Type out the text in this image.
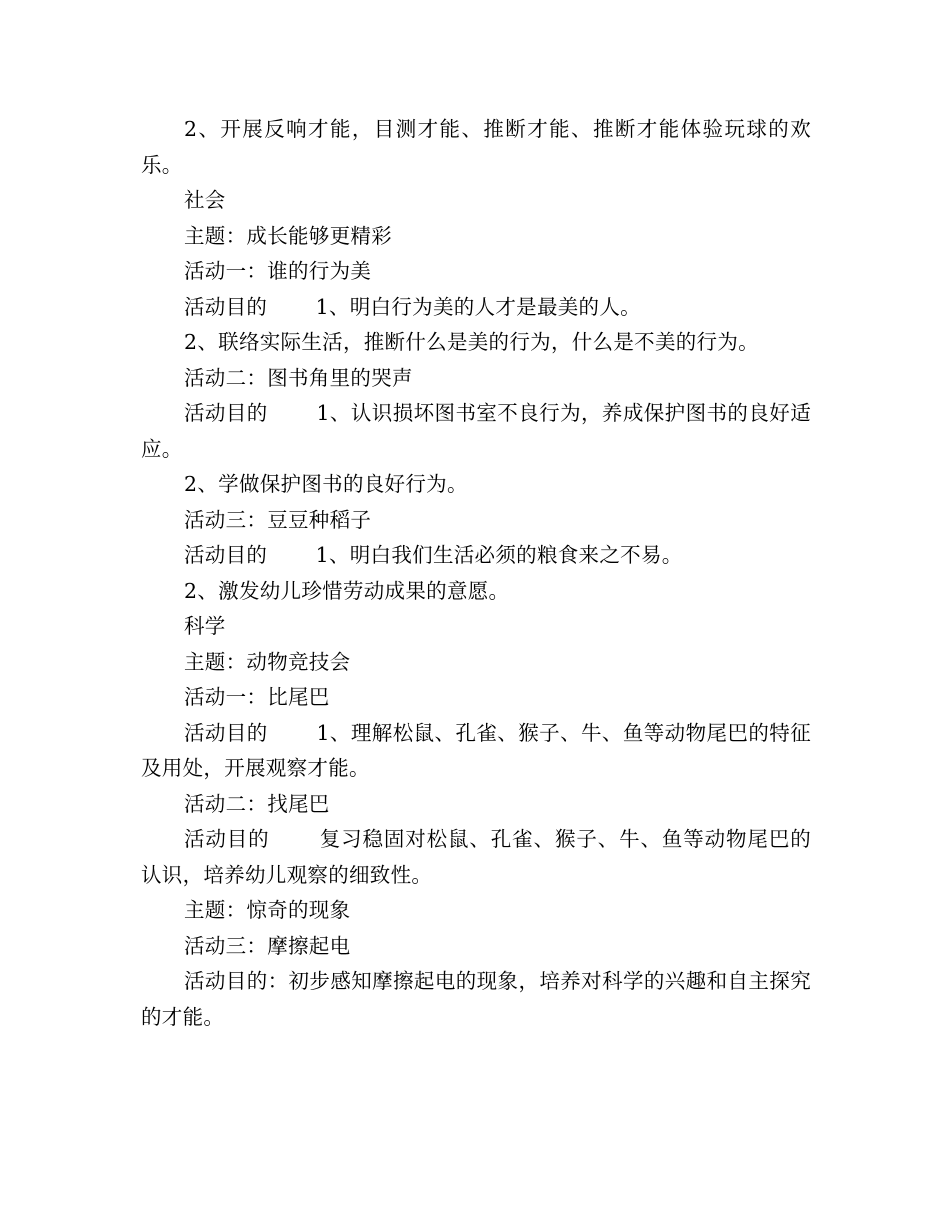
2、开展反响才能，目测才能、推断才能、推断才能体验玩球的欢乐。

社会

主题：成长能够更精彩

活动一：谁的行为美

活动目的　　 1、明白行为美的人才是最美的人。

2、联络实际生活，推断什么是美的行为，什么是不美的行为。

活动二：图书角里的哭声

活动目的　　 1、认识损坏图书室不良行为，养成保护图书的良好适应。

2、学做保护图书的良好行为。

活动三：豆豆种稻子

活动目的　　 1、明白我们生活必须的粮食来之不易。

2、激发幼儿珍惜劳动成果的意愿。

科学

主题：动物竞技会

活动一：比尾巴

活动目的　　 1、理解松鼠、孔雀、猴子、牛、鱼等动物尾巴的特征及用处，开展观察才能。

活动二：找尾巴

活动目的　　 复习稳固对松鼠、孔雀、猴子、牛、鱼等动物尾巴的认识，培养幼儿观察的细致性。

主题：惊奇的现象

活动三：摩擦起电

活动目的：初步感知摩擦起电的现象，培养对科学的兴趣和自主探究的才能。
